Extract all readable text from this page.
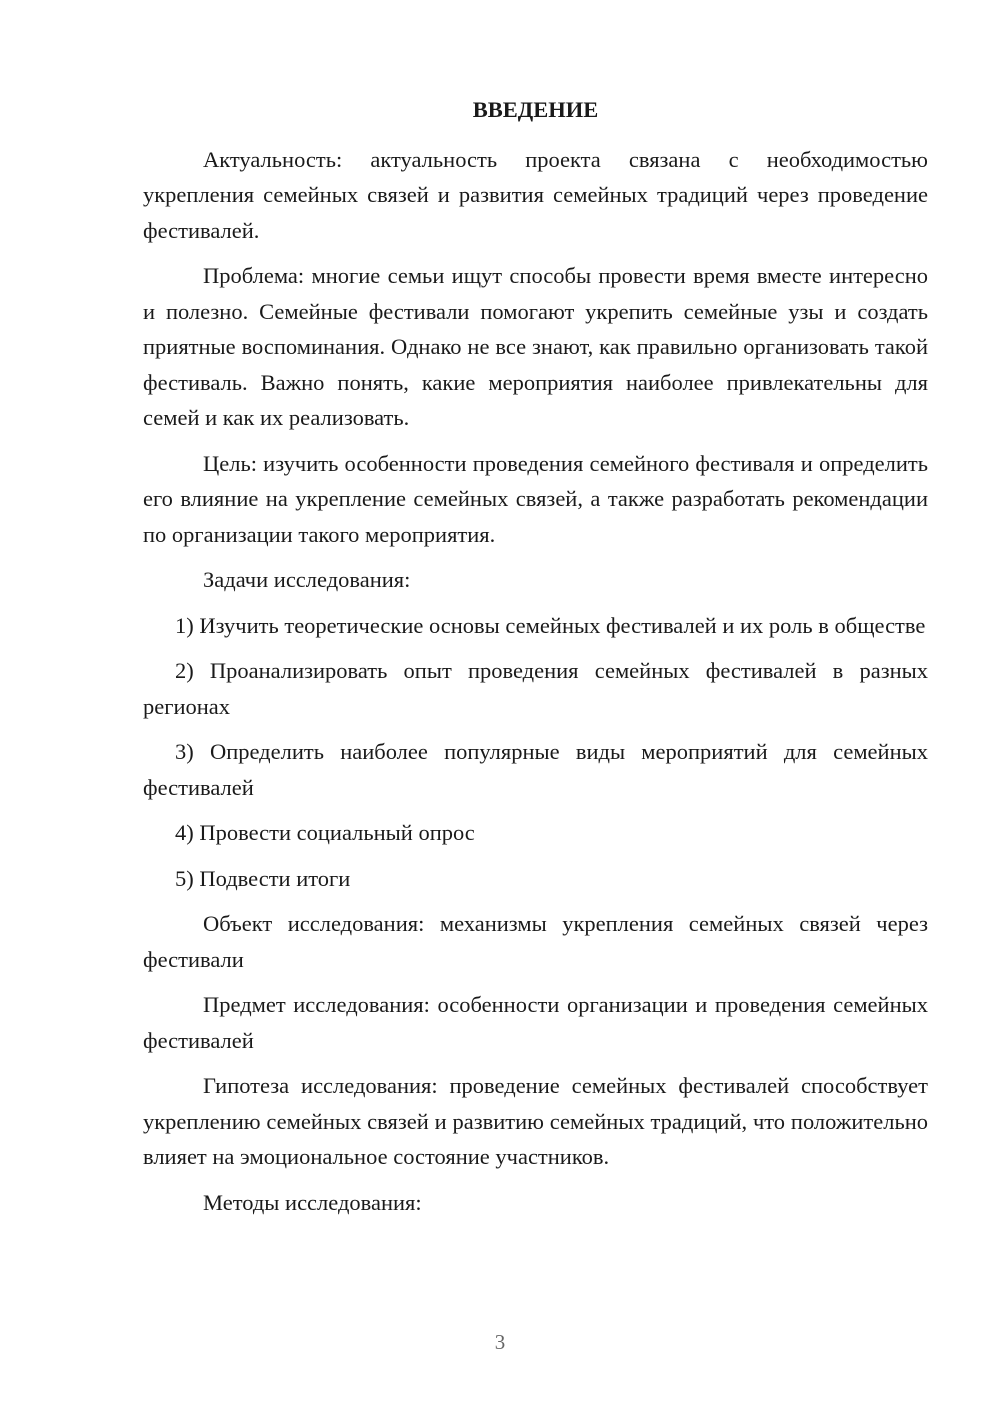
ВВЕДЕНИЕ

Актуальность: актуальность проекта связана с необходимостью укрепления семейных связей и развития семейных традиций через проведение фестивалей.

Проблема: многие семьи ищут способы провести время вместе интересно и полезно. Семейные фестивали помогают укрепить семейные узы и создать приятные воспоминания. Однако не все знают, как правильно организовать такой фестиваль. Важно понять, какие мероприятия наиболее привлекательны для семей и как их реализовать.

Цель: изучить особенности проведения семейного фестиваля и определить его влияние на укрепление семейных связей, а также разработать рекомендации по организации такого мероприятия.

Задачи исследования:

1) Изучить теоретические основы семейных фестивалей и их роль в обществе

2) Проанализировать опыт проведения семейных фестивалей в разных регионах

3) Определить наиболее популярные виды мероприятий для семейных фестивалей

4) Провести социальный опрос

5) Подвести итоги

Объект исследования: механизмы укрепления семейных связей через фестивали

Предмет исследования: особенности организации и проведения семейных фестивалей

Гипотеза исследования: проведение семейных фестивалей способствует укреплению семейных связей и развитию семейных традиций, что положительно влияет на эмоциональное состояние участников.

Методы исследования:

3
